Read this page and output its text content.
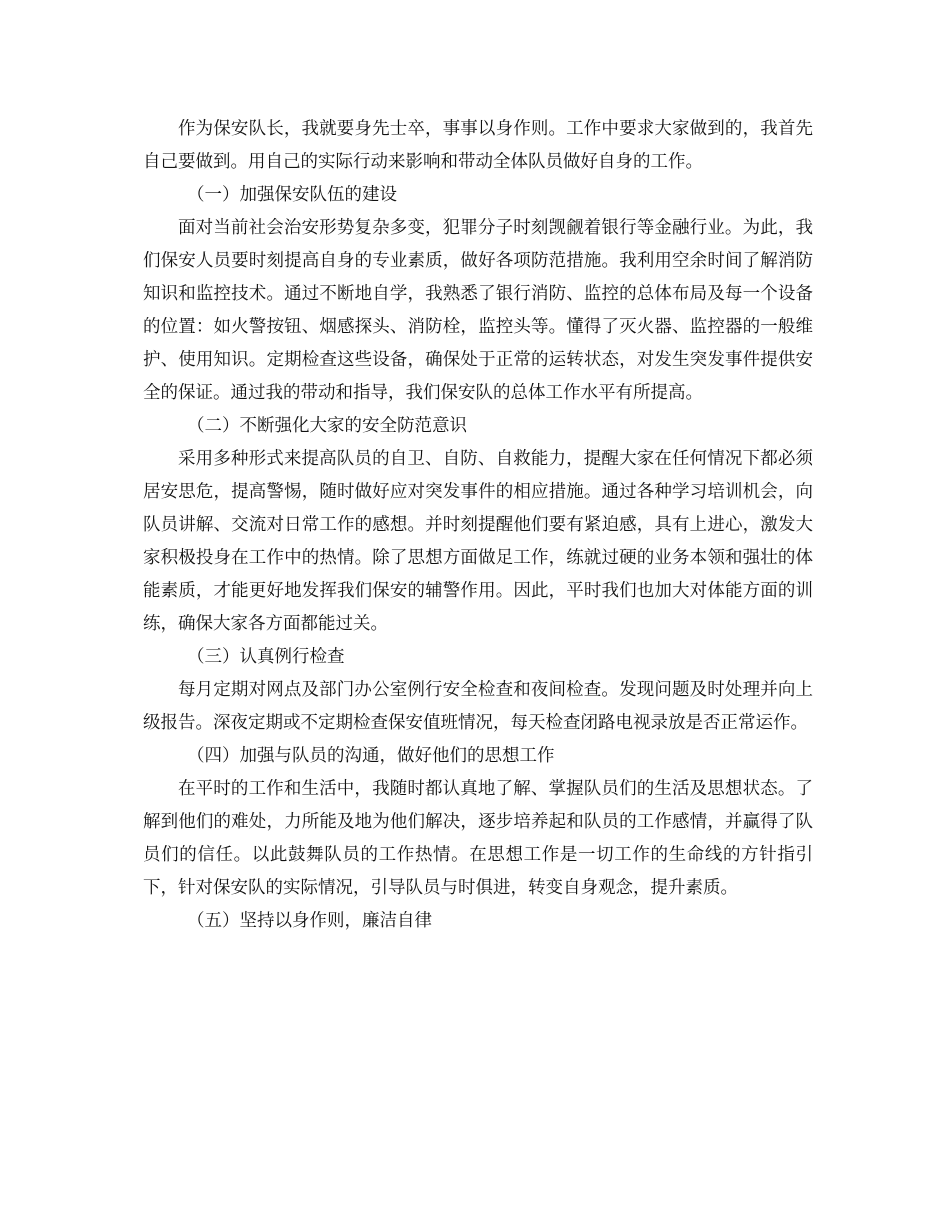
作为保安队长，我就要身先士卒，事事以身作则。工作中要求大家做到的，我首先自己要做到。用自己的实际行动来影响和带动全体队员做好自身的工作。

（一）加强保安队伍的建设

面对当前社会治安形势复杂多变，犯罪分子时刻觊觎着银行等金融行业。为此，我们保安人员要时刻提高自身的专业素质，做好各项防范措施。我利用空余时间了解消防知识和监控技术。通过不断地自学，我熟悉了银行消防、监控的总体布局及每一个设备的位置：如火警按钮、烟感探头、消防栓，监控头等。懂得了灭火器、监控器的一般维护、使用知识。定期检查这些设备，确保处于正常的运转状态，对发生突发事件提供安全的保证。通过我的带动和指导，我们保安队的总体工作水平有所提高。

（二）不断强化大家的安全防范意识

采用多种形式来提高队员的自卫、自防、自救能力，提醒大家在任何情况下都必须居安思危，提高警惕，随时做好应对突发事件的相应措施。通过各种学习培训机会，向队员讲解、交流对日常工作的感想。并时刻提醒他们要有紧迫感，具有上进心，激发大家积极投身在工作中的热情。除了思想方面做足工作，练就过硬的业务本领和强壮的体能素质，才能更好地发挥我们保安的辅警作用。因此，平时我们也加大对体能方面的训练，确保大家各方面都能过关。

（三）认真例行检查

每月定期对网点及部门办公室例行安全检查和夜间检查。发现问题及时处理并向上级报告。深夜定期或不定期检查保安值班情况，每天检查闭路电视录放是否正常运作。

（四）加强与队员的沟通，做好他们的思想工作

在平时的工作和生活中，我随时都认真地了解、掌握队员们的生活及思想状态。了解到他们的难处，力所能及地为他们解决，逐步培养起和队员的工作感情，并赢得了队员们的信任。以此鼓舞队员的工作热情。在思想工作是一切工作的生命线的方针指引下，针对保安队的实际情况，引导队员与时俱进，转变自身观念，提升素质。

（五）坚持以身作则，廉洁自律
